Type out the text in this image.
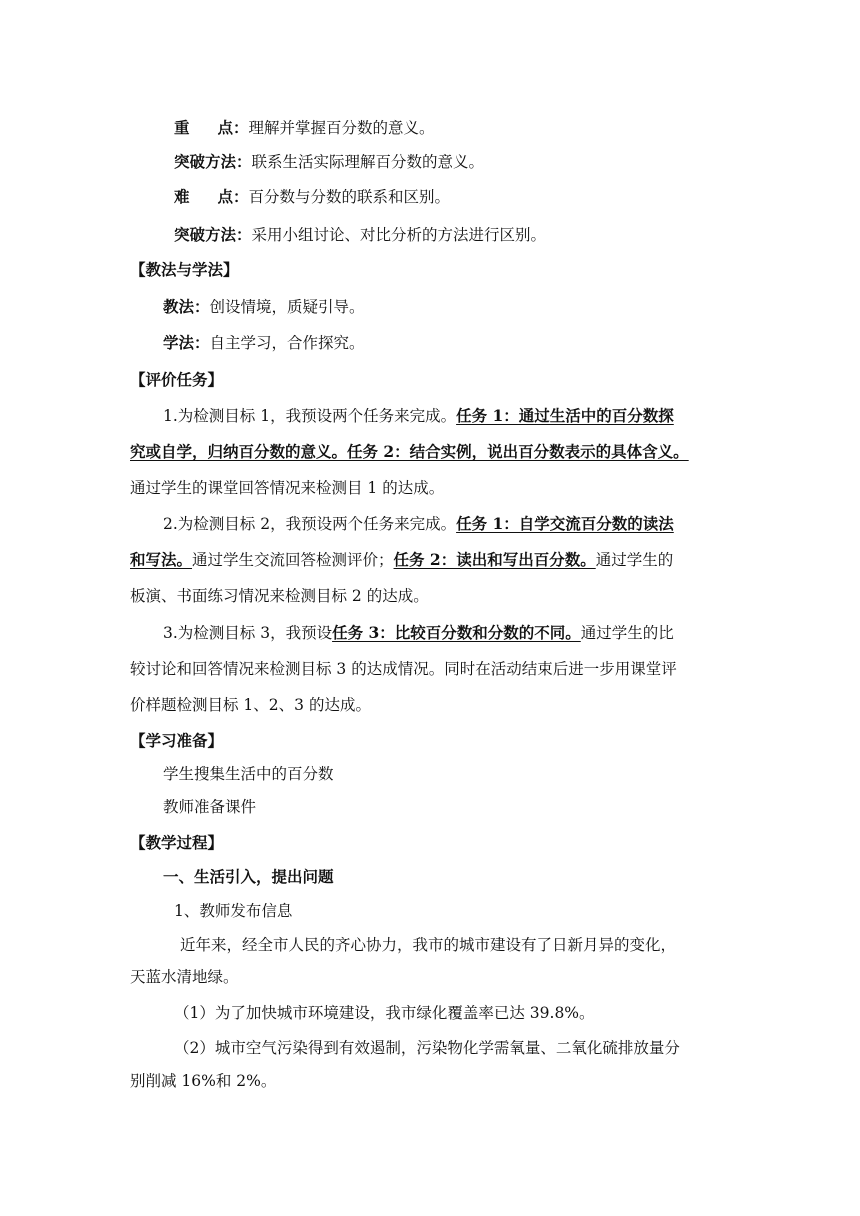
重 点：理解并掌握百分数的意义。
突破方法：联系生活实际理解百分数的意义。
难 点：百分数与分数的联系和区别。
突破方法：采用小组讨论、对比分析的方法进行区别。
【教法与学法】
教法：创设情境，质疑引导。
学法：自主学习，合作探究。
【评价任务】
1.为检测目标 1，我预设两个任务来完成。任务 1：通过生活中的百分数探
究或自学，归纳百分数的意义。任务 2：结合实例，说出百分数表示的具体含义。
通过学生的课堂回答情况来检测目 1 的达成。
2.为检测目标 2，我预设两个任务来完成。任务 1：自学交流百分数的读法
和写法。通过学生交流回答检测评价；任务 2：读出和写出百分数。通过学生的
板演、书面练习情况来检测目标 2 的达成。
3.为检测目标 3，我预设任务 3：比较百分数和分数的不同。通过学生的比
较讨论和回答情况来检测目标 3 的达成情况。同时在活动结束后进一步用课堂评
价样题检测目标 1、2、3 的达成。
【学习准备】
学生搜集生活中的百分数
教师准备课件
【教学过程】
一、生活引入，提出问题
1、教师发布信息
近年来，经全市人民的齐心协力，我市的城市建设有了日新月异的变化，
天蓝水清地绿。
（1）为了加快城市环境建设，我市绿化覆盖率已达 39.8%。
（2）城市空气污染得到有效遏制，污染物化学需氧量、二氧化硫排放量分
别削减 16%和 2%。
